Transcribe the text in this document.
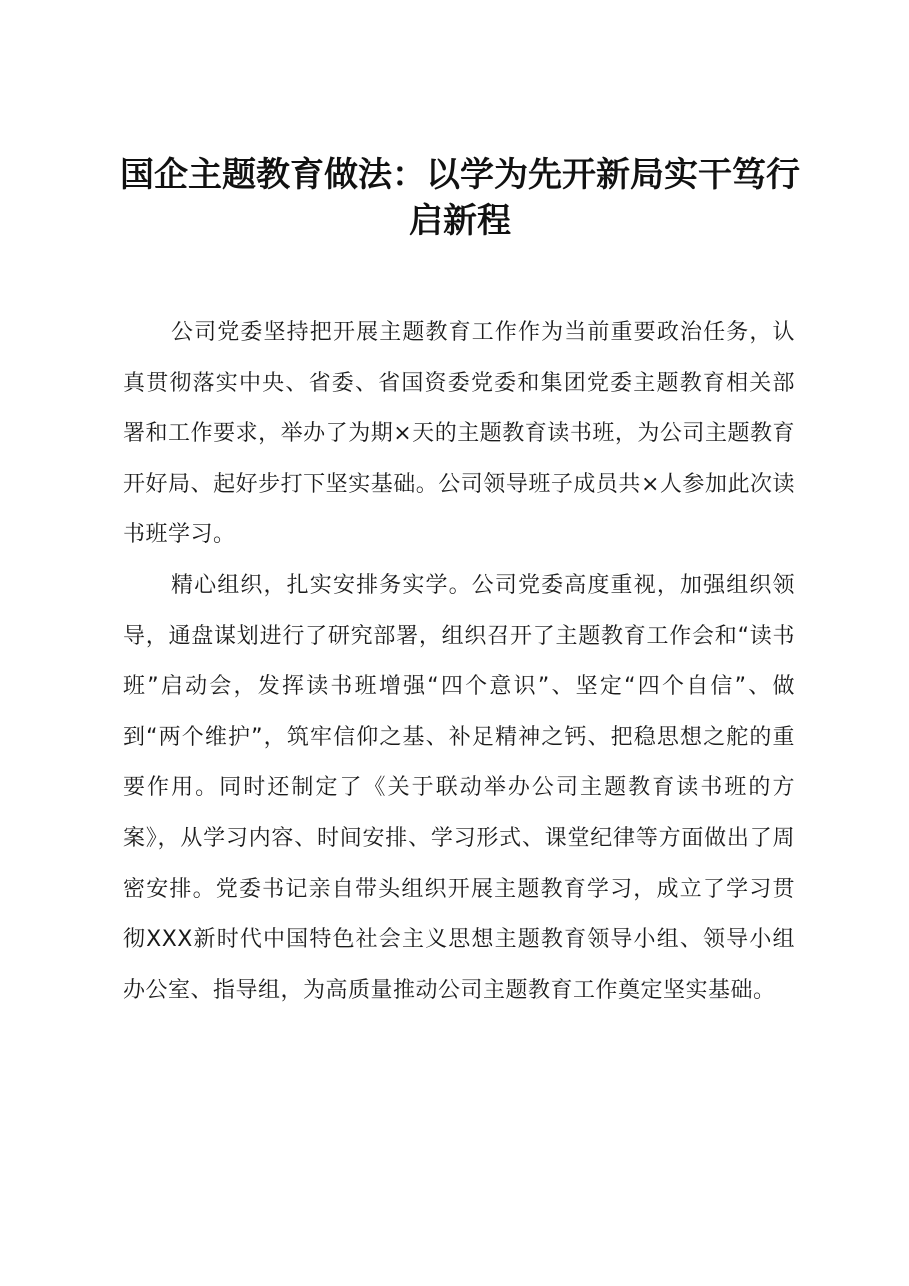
国企主题教育做法：以学为先开新局实干笃行启新程

公司党委坚持把开展主题教育工作作为当前重要政治任务，认真贯彻落实中央、省委、省国资委党委和集团党委主题教育相关部署和工作要求，举办了为期×天的主题教育读书班，为公司主题教育开好局、起好步打下坚实基础。公司领导班子成员共×人参加此次读书班学习。

精心组织，扎实安排务实学。公司党委高度重视，加强组织领导，通盘谋划进行了研究部署，组织召开了主题教育工作会和“读书班”启动会，发挥读书班增强“四个意识”、坚定“四个自信”、做到“两个维护”，筑牢信仰之基、补足精神之钙、把稳思想之舵的重要作用。同时还制定了《关于联动举办公司主题教育读书班的方案》，从学习内容、时间安排、学习形式、课堂纪律等方面做出了周密安排。党委书记亲自带头组织开展主题教育学习，成立了学习贯彻XXX新时代中国特色社会主义思想主题教育领导小组、领导小组办公室、指导组，为高质量推动公司主题教育工作奠定坚实基础。
